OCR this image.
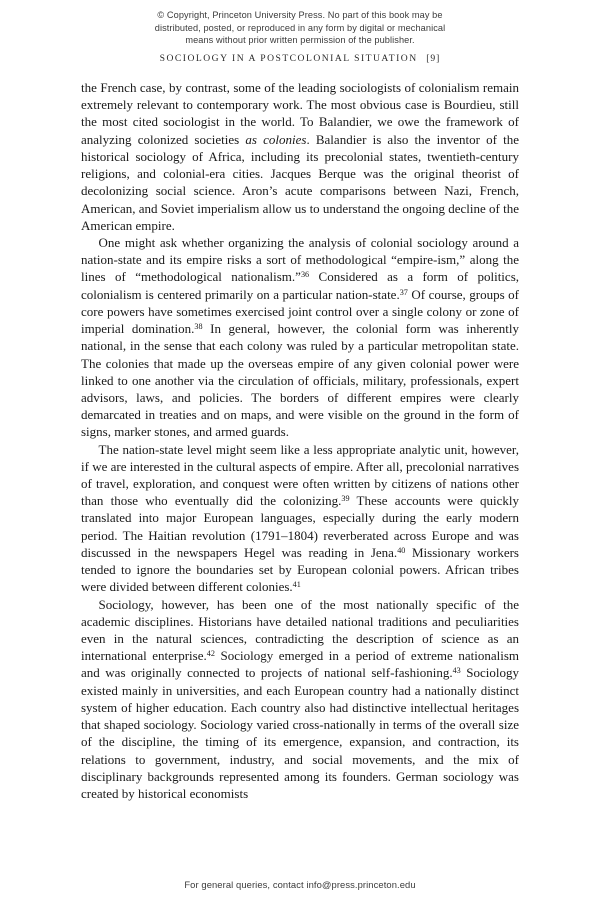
© Copyright, Princeton University Press. No part of this book may be
distributed, posted, or reproduced in any form by digital or mechanical
means without prior written permission of the publisher.
SOCIOLOGY IN A POSTCOLONIAL SITUATION [9]

the French case, by contrast, some of the leading sociologists of colonialism remain extremely relevant to contemporary work. The most obvious case is Bourdieu, still the most cited sociologist in the world. To Balandier, we owe the framework of analyzing colonized societies as colonies. Balandier is also the inventor of the historical sociology of Africa, including its precolonial states, twentieth-century religions, and colonial-era cities. Jacques Berque was the original theorist of decolonizing social science. Aron’s acute comparisons between Nazi, French, American, and Soviet imperialism allow us to understand the ongoing decline of the American empire.

One might ask whether organizing the analysis of colonial sociology around a nation-state and its empire risks a sort of methodological “empire-ism,” along the lines of “methodological nationalism.”$^{36}$ Considered as a form of politics, colonialism is centered primarily on a particular nation-state.$^{37}$ Of course, groups of core powers have sometimes exercised joint control over a single colony or zone of imperial domination.$^{38}$ In general, however, the colonial form was inherently national, in the sense that each colony was ruled by a particular metropolitan state. The colonies that made up the overseas empire of any given colonial power were linked to one another via the circulation of officials, military, professionals, expert advisors, laws, and policies. The borders of different empires were clearly demarcated in treaties and on maps, and were visible on the ground in the form of signs, marker stones, and armed guards.

The nation-state level might seem like a less appropriate analytic unit, however, if we are interested in the cultural aspects of empire. After all, precolonial narratives of travel, exploration, and conquest were often written by citizens of nations other than those who eventually did the colonizing.$^{39}$ These accounts were quickly translated into major European languages, especially during the early modern period. The Haitian revolution (1791–1804) reverberated across Europe and was discussed in the newspapers Hegel was reading in Jena.$^{40}$ Missionary workers tended to ignore the boundaries set by European colonial powers. African tribes were divided between different colonies.$^{41}$

Sociology, however, has been one of the most nationally specific of the academic disciplines. Historians have detailed national traditions and peculiarities even in the natural sciences, contradicting the description of science as an international enterprise.$^{42}$ Sociology emerged in a period of extreme nationalism and was originally connected to projects of national self-fashioning.$^{43}$ Sociology existed mainly in universities, and each European country had a nationally distinct system of higher education. Each country also had distinctive intellectual heritages that shaped sociology. Sociology varied cross-nationally in terms of the overall size of the discipline, the timing of its emergence, expansion, and contraction, its relations to government, industry, and social movements, and the mix of disciplinary backgrounds represented among its founders. German sociology was created by historical economists

For general queries, contact info@press.princeton.edu
